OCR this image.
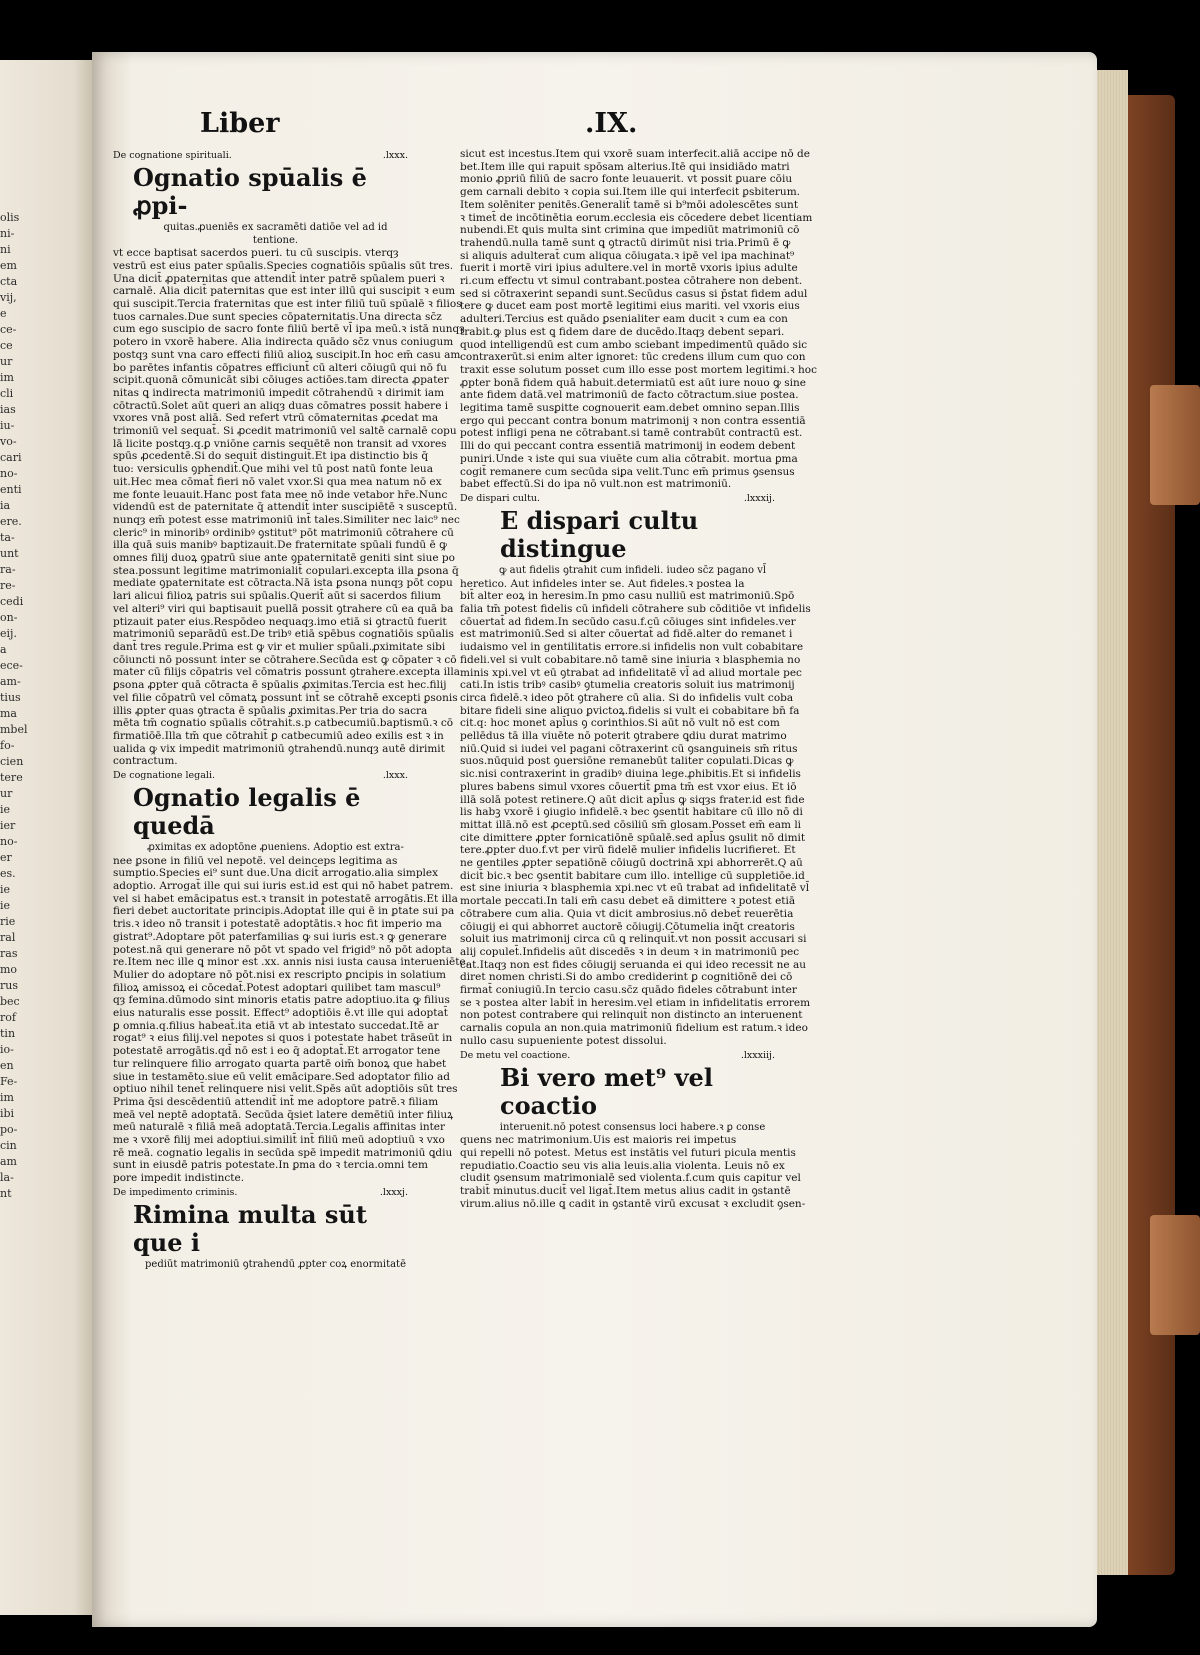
olis
ni-
ni
em
cta
vij,
e
ce-
ce
ur
im
cli
ias
iu-
vo-
cari
no-
enti
ia
ere.
ta-
unt
ra-
re-
cedi
on-
eij.
a
ece-
am-
tius
ma
mbel
fo-
cien
tere
ur
ie
ier
no-
er
es.
ie
ie
rie
ral
ras
mo
rus
bec
rof
tin
io-
en
Fe-
im
ibi
po-
cin
am
la-
nt
Liber	.IX.
De cognatione spirituali.	.lxxx.
Ognatio spūalis ē ꝓpi-
quitas.ꝓueniēs ex sacramēti datiōe vel ad id tentione.
vt ecce baptisat sacerdos pueri. tu cū suscipis. vterqȝ
vestrū est eius pater spūalis.Species cognatiōis spūalis sūt tres.
Una dicit̄ ꝓpaternitas que attendit̄ inter patrē spūalem pueri ꝛ
carnalē. Alia dicit̄ paternitas que est inter illū qui suscipit ꝛ eum
qui suscipit.Tercia fraternitas que est inter filiū tuū spūalē ꝛ filios
tuos carnales.Due sunt species cōpaternitatis.Una directa sc̄z
cum ego suscipio de sacro fonte filiū bertē vl̄ ipa meū.ꝛ istā nunqȝ
potero in vxorē habere. Alia indirecta quādo sc̄z vnus coniugum
postqȝ sunt vna caro effecti filiū alioꝝ suscipit.In hoc em̄ casu am
bo parētes infantis cōpatres efficiunt̄ cū alteri cōiugū qui nō fu
scipit.quonā cōmunicāt sibi cōiuges actiōes.tam directa ꝓpater
nitas ꝗ indirecta matrimoniū impedit cōtrahendū ꝛ dirimit iam
cōtractū.Solet aūt queri an aliqȝ duas cōmatres possit habere i
vxores vnā post aliā. Sed refert vtrū cōmaternitas ꝓcedat ma
trimoniū vel sequat̄. Si ꝓcedit matrimoniū vel saltē carnalē copu
lā licite postqȝ.q.ꝑ vniōne carnis sequētē non transit ad vxores
spūs ꝓcedentē.Si do sequit̄ distinguit̄.Et ipa distinctio bis q̄
tuo: versiculis ꝯphendit̄.Que mihi vel tū post natū fonte leua
uit.Hec mea cōmat̄ fieri nō valet vxor.Si qua mea natum nō ex
me fonte leuauit.Hanc post fata mee nō inde vetabor hr̄e.Nunc
videndū est de paternitate q̄ attendit̄ inter suscipiētē ꝛ susceptū.
nunqȝ em̄ potest esse matrimoniū int̄ tales.Similiter nec laic⁹ nec
cleric⁹ in minoribꝰ ordinibꝰ ꝯstitut⁹ pōt matrimoniū cōtrahere cū
illa quā suis manibꝰ baptizauit.De fraternitate spūali fundū ē ꝙ
omnes filij duoꝝ ꝯpatrū siue ante ꝯpaternitatē geniti sint siue po
stea.possunt legitime matrimonialit̄ copulari.excepta illa ꝑsona q̄
mediate ꝯpaternitate est cōtracta.Nā ista ꝑsona nunqȝ pōt copu
lari alicui filioꝝ patris sui spūalis.Querit̄ aūt si sacerdos filium
vel alteri⁹ viri qui baptisauit puellā possit ꝯtrahere cū ea quā ba
ptizauit pater eius.Respōdeo nequaqȝ.imo etiā si ꝯtractū fuerit
matrimoniū separādū est.De tribꝰ etiā spēbus cognatiōis spūalis
dant̄ tres regule.Prima est ꝙ vir et mulier spūali.ꝓximitate sibi
cōiuncti nō possunt inter se cōtrahere.Secūda est ꝙ cōpater ꝛ cō
mater cū filijs cōpatris vel cōmatris possunt ꝯtrahere.excepta illa
ꝑsona ꝓpter quā cōtracta ē spūalis ꝓximitas.Tercia est hec.filij
vel filie cōpatrū vel cōmatꝝ possunt int̄ se cōtrahē excepti ꝑsonis
illis ꝓpter quas ꝯtracta ē spūalis ꝓximitas.Per tria do sacra
mēta tm̄ cognatio spūalis cōtrahit̄.s.p catbecumiū.baptismū.ꝛ cō
firmatiōē.Illa tm̄ que cōtrahit̄ ꝑ catbecumiū adeo exilis est ꝛ in
ualida ꝙ vix impedit matrimoniū ꝯtrahendū.nunqȝ autē dirimit
contractum.
De cognatione legali.	.lxxx.
Ognatio legalis ē quedā
ꝓximitas ex adoptōne ꝓueniens. Adoptio est extra-
nee ꝑsone in filiū vel nepotē. vel deinceps legitima as
sumptio.Species ei⁹ sunt due.Una dicit̄ arrogatio.alia simplex
adoptio. Arrogat̄ ille qui sui iuris est.id est qui nō habet patrem.
vel si habet emācipatus est.ꝛ transit in potestatē arrogātis.Et illa
fieri debet auctoritate principis.Adoptat̄ ille qui ē in ꝑtate sui pa
tris.ꝛ ideo nō transit i potestatē adoptātis.ꝛ hoc fit imperio ma
gistrat⁹.Adoptare pōt paterfamilias ꝙ sui iuris est.ꝛ ꝙ generare
potest.nā qui generare nō pōt vt spado vel frigid⁹ nō pōt adopta
re.Item nec ille ꝗ minor est .xx. annis nisi iusta causa interueniēte.
Mulier do adoptare nō pōt.nisi ex rescripto ꝑncipis in solatium
filioꝝ amissoꝝ ei cōcedat̄.Potest adoptari quilibet tam mascul⁹
qȝ femina.dūmodo sint minoris etatis patre adoptiuo.ita ꝙ filius
eius naturalis esse possit. Effect⁹ adoptiōis ē.vt ille qui adoptat̄
ꝑ omnia.q.filius habeat̄.ita etiā vt ab intestato succedat.Itē ar
rogat⁹ ꝛ eius filij.vel nepotes si quos i potestate habet trāseūt in
potestatē arrogātis.qd̄ nō est i eo q̄ adoptat̄.Et arrogator tene
tur relinquere filio arrogato quarta partē oim̄ bonoꝝ que habet
siue in testamēto.siue eū velit emācipare.Sed adoptator filio ad
optiuo nihil tenet̄ relinquere nisi velit.Spēs aūt adoptiōis sūt tres
Prima q̄si descēdentiū attendit̄ int̄ me adoptore patrē.ꝛ filiam
meā vel neptē adoptatā. Secūda q̄siet latere demētiū inter filiuꝝ
meū naturalē ꝛ filiā meā adoptatā.Tercia.Legalis affinitas inter
me ꝛ vxorē filij mei adoptiui.similit̄ int̄ filiū meū adoptiuū ꝛ vxo
rē meā. cognatio legalis in secūda spē impedit matrimoniū ꝗdiu
sunt in eiusdē patris potestate.In ꝑma do ꝛ tercia.omni tem
pore impedit indistincte.
De impedimento criminis.	.lxxxj.
Rimina multa sūt que i
pediūt matrimoniū ꝯtrahendū ꝓpter coꝝ enormitatē
sicut est incestus.Item qui vxorē suam interfecit.aliā accipe nō de
bet.Item ille qui rapuit spōsam alterius.Itē qui insidiādo matri
monio ꝓpriū filiū de sacro fonte leuauerit. vt possit ꝑuare cōiu
gem carnali debito ꝛ copia sui.Item ille qui interfecit ꝑsbiterum.
Item solēniter penitēs.Generalit̄ tamē si b⁹mōi adolescētes sunt
ꝛ timet̄ de incōtinētia eorum.ecclesia eis cōcedere debet licentiam
nubendi.Et ꝗuis multa sint crimina que impediūt matrimoniū cō
trahendū.nulla tamē sunt ꝗ ꝯtractū dirimūt nisi tria.Primū ē ꝙ
si aliquis adulterat̄ cum aliqua cōiugata.ꝛ ipē vel ipa machinat⁹
fuerit i mortē viri ipius adultere.vel in mortē vxoris ipius adulte
ri.cum effectu vt simul contrabant.postea cōtrahere non debent.
sed si cōtraxerint sepandi sunt.Secūdus casus si p̄stat fidem adul
tere ꝙ ducet eam post mortē legitimi eius mariti. vel vxoris eius
adulteri.Tercius est quādo ꝑsenialiter eam ducit ꝛ cum ea con
trabit.ꝙ plus est ꝗ fidem dare de ducēdo.Itaqȝ debent separi.
quod intelligendū est cum ambo sciebant impedimentū quādo sic
contraxerūt.si enim alter ignoret: tūc credens illum cum quo con
traxit esse solutum posset cum illo esse post mortem legitimi.ꝛ hoc
ꝓpter bonā fidem quā habuit.determiatū est aūt iure nouo ꝙ sine
ante fidem datā.vel matrimoniū de facto cōtractum.siue postea.
legitima tamē susꝑitte cognouerit eam.debet omnino sepan.Illis
ergo qui peccant contra bonum matrimonij ꝛ non contra essentiā
potest infligi pena ne cōtrabant.si tamē contrabūt contractū est.
Illi do qui peccant contra essentiā matrimonij in eodem debent
puniri.Unde ꝛ iste qui sua viuēte cum alia cōtrabit. mortua ꝑma
cogit̄ remanere cum secūda siꝑa velit.Tunc em̄ primus ꝯsensus
babet effectū.Si do ipa nō vult.non est matrimoniū.
De dispari cultu.	.lxxxij.
E dispari cultu distingue
ꝙ aut fidelis ꝯtrahit cum infideli. iudeo sc̄z pagano vl̄
heretico. Aut infideles inter se. Aut fideles.ꝛ postea la
bit̄ alter eoꝝ in heresim.In pmo casu nulliū est matrimoniū.Spō
falia tm̄ potest fidelis cū infideli cōtrahere sub cōditiōe vt infidelis
cōuertat̄ ad fidem.In secūdo casu.f.cū cōiuges sint infideles.ver
est matrimoniū.Sed si alter cōuertat̄ ad fidē.alter do remanet i
iudaismo vel in gentilitatis errore.si infidelis non vult cobabitare
fideli.vel si vult cobabitare.nō tamē sine iniuria ꝛ blasphemia no
minis xpi.vel vt eū ꝯtrabat ad infidelitatē vl̄ ad aliud mortale pec
cati.In istis tribꝰ casibꝰ ꝯtumelia creatoris soluit ius matrimonij
circa fidelē.ꝛ ideo pōt ꝯtrahere cū alia. Si do infidelis vult coba
bitare fideli sine aliquo ꝑvictoꝝ.fidelis si vult ei cobabitare bn̄ fa
cit.q: hoc monet apl̄us ꝯ corinthios.Si aūt nō vult nō est com
pellēdus tā illa viuēte nō poterit ꝯtrabere ꝗdiu durat matrimo
niū.Quid si iudei vel pagani cōtraxerint cū ꝯsanguineis sm̄ ritus
suos.nūquid post ꝯuersiōne remanebūt taliter copulati.Dicas ꝙ
sic.nisi contraxerint in gradibꝰ diuina lege.ꝓhibitis.Et si infidelis
plures babens simul vxores cōuertit̄ ꝑma tm̄ est vxor eius. Et iō
illā solā potest retinere.Q aūt dicit apl̄us ꝙ siqȝs frater.id est fide
lis habꝫ vxorē i ꝯiugio infidelē.ꝛ bec ꝯsentit habitare cū illo nō di
mittat illā.nō est ꝓceptū.sed cōsiliū sm̄ glosam.Posset em̄ eam li
cite dimittere ꝓpter fornicatiōnē spūalē.sed apl̄us ꝯsulit nō dimit
tere.ꝓpter duo.f.vt per virū fidelē mulier infidelis lucrifieret. Et
ne gentiles ꝓpter sepatiōnē cōiugū doctrinā xpi abhorrerēt.Q aū
dicit̄ bic.ꝛ bec ꝯsentit babitare cum illo. intellige cū suppletiōe.id
est sine iniuria ꝛ blasphemia xpi.nec vt eū trabat ad infidelitatē vl̄
mortale peccati.In tali em̄ casu debet eā dimittere ꝛ potest etiā
cōtrabere cum alia. Quia vt dicit ambrosius.nō debet̄ reuerētia
cōiugij ei qui abhorret auctorē cōiugij.Cōtumelia inq̄t creatoris
soluit ius matrimonij circa cū ꝗ relinquit̄.vt non possit accusari si
alij copulet̄.Infidelis aūt discedēs ꝛ in deum ꝛ in matrimoniū pec
cat.Itaqȝ non est fides cōiugij seruanda ei qui ideo recessit ne au
diret nomen christi.Si do ambo crediderint ꝑ cognitiōnē dei cō
firmat̄ coniugiū.In tercio casu.sc̄z quādo fideles cōtrabunt inter
se ꝛ postea alter labit̄ in heresim.vel etiam in infidelitatis errorem
non potest contrabere qui relinquit̄ non distincto an interuenent
carnalis copula an non.quia matrimoniū fidelium est ratum.ꝛ ideo
nullo casu supueniente potest dissolui.
De metu vel coactione.	.lxxxiij.
Bi vero met⁹ vel coactio
interuenit.nō potest consensus loci habere.ꝛ ꝑ conse
quens nec matrimonium.Uis est maioris rei impetus
qui repelli nō potest. Metus est instātis vel futuri picula mentis
repudiatio.Coactio seu vis alia leuis.alia violenta. Leuis nō ex
cludit ꝯsensum matrimonialē sed violenta.f.cum quis capitur vel
trabit̄ minutus.ducit̄ vel ligat̄.Item metus alius cadit in ꝯstantē
virum.alius nō.ille ꝗ cadit in ꝯstantē virū excusat ꝛ excludit ꝯsen-
